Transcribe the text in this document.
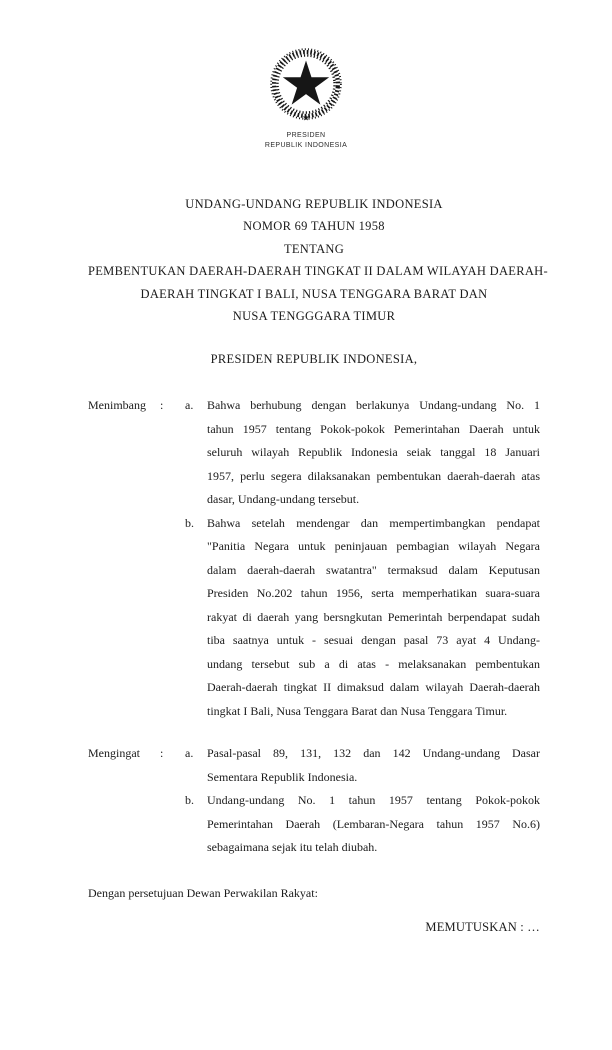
PRESIDEN
REPUBLIK INDONESIA
UNDANG-UNDANG REPUBLIK INDONESIA
NOMOR 69 TAHUN 1958
TENTANG
PEMBENTUKAN DAERAH-DAERAH TINGKAT II DALAM WILAYAH DAERAH-
DAERAH TINGKAT I BALI, NUSA TENGGARA BARAT DAN
NUSA TENGGGARA TIMUR
PRESIDEN REPUBLIK INDONESIA,
Menimbang	:	a.	Bahwa berhubung dengan berlakunya Undang-undang No. 1
tahun 1957 tentang Pokok-pokok Pemerintahan Daerah untuk
seluruh wilayah Republik Indonesia seiak tanggal 18 Januari
1957, perlu segera dilaksanakan pembentukan daerah-daerah atas
dasar, Undang-undang tersebut.
b.	Bahwa setelah mendengar dan mempertimbangkan pendapat
"Panitia Negara untuk peninjauan pembagian wilayah Negara
dalam daerah-daerah swatantra" termaksud dalam Keputusan
Presiden No.202 tahun 1956, serta memperhatikan suara-suara
rakyat di daerah yang bersngkutan Pemerintah berpendapat sudah
tiba saatnya untuk - sesuai dengan pasal 73 ayat 4 Undang-
undang tersebut sub a di atas - melaksanakan pembentukan
Daerah-daerah tingkat II dimaksud dalam wilayah Daerah-daerah
tingkat I Bali, Nusa Tenggara Barat dan Nusa Tenggara Timur.
Mengingat	:	a.	Pasal-pasal 89, 131, 132 dan 142 Undang-undang Dasar
Sementara Republik Indonesia.
b.	Undang-undang No. 1 tahun 1957 tentang Pokok-pokok
Pemerintahan Daerah (Lembaran-Negara tahun 1957 No.6)
sebagaimana sejak itu telah diubah.
Dengan persetujuan Dewan Perwakilan Rakyat:
MEMUTUSKAN : …
